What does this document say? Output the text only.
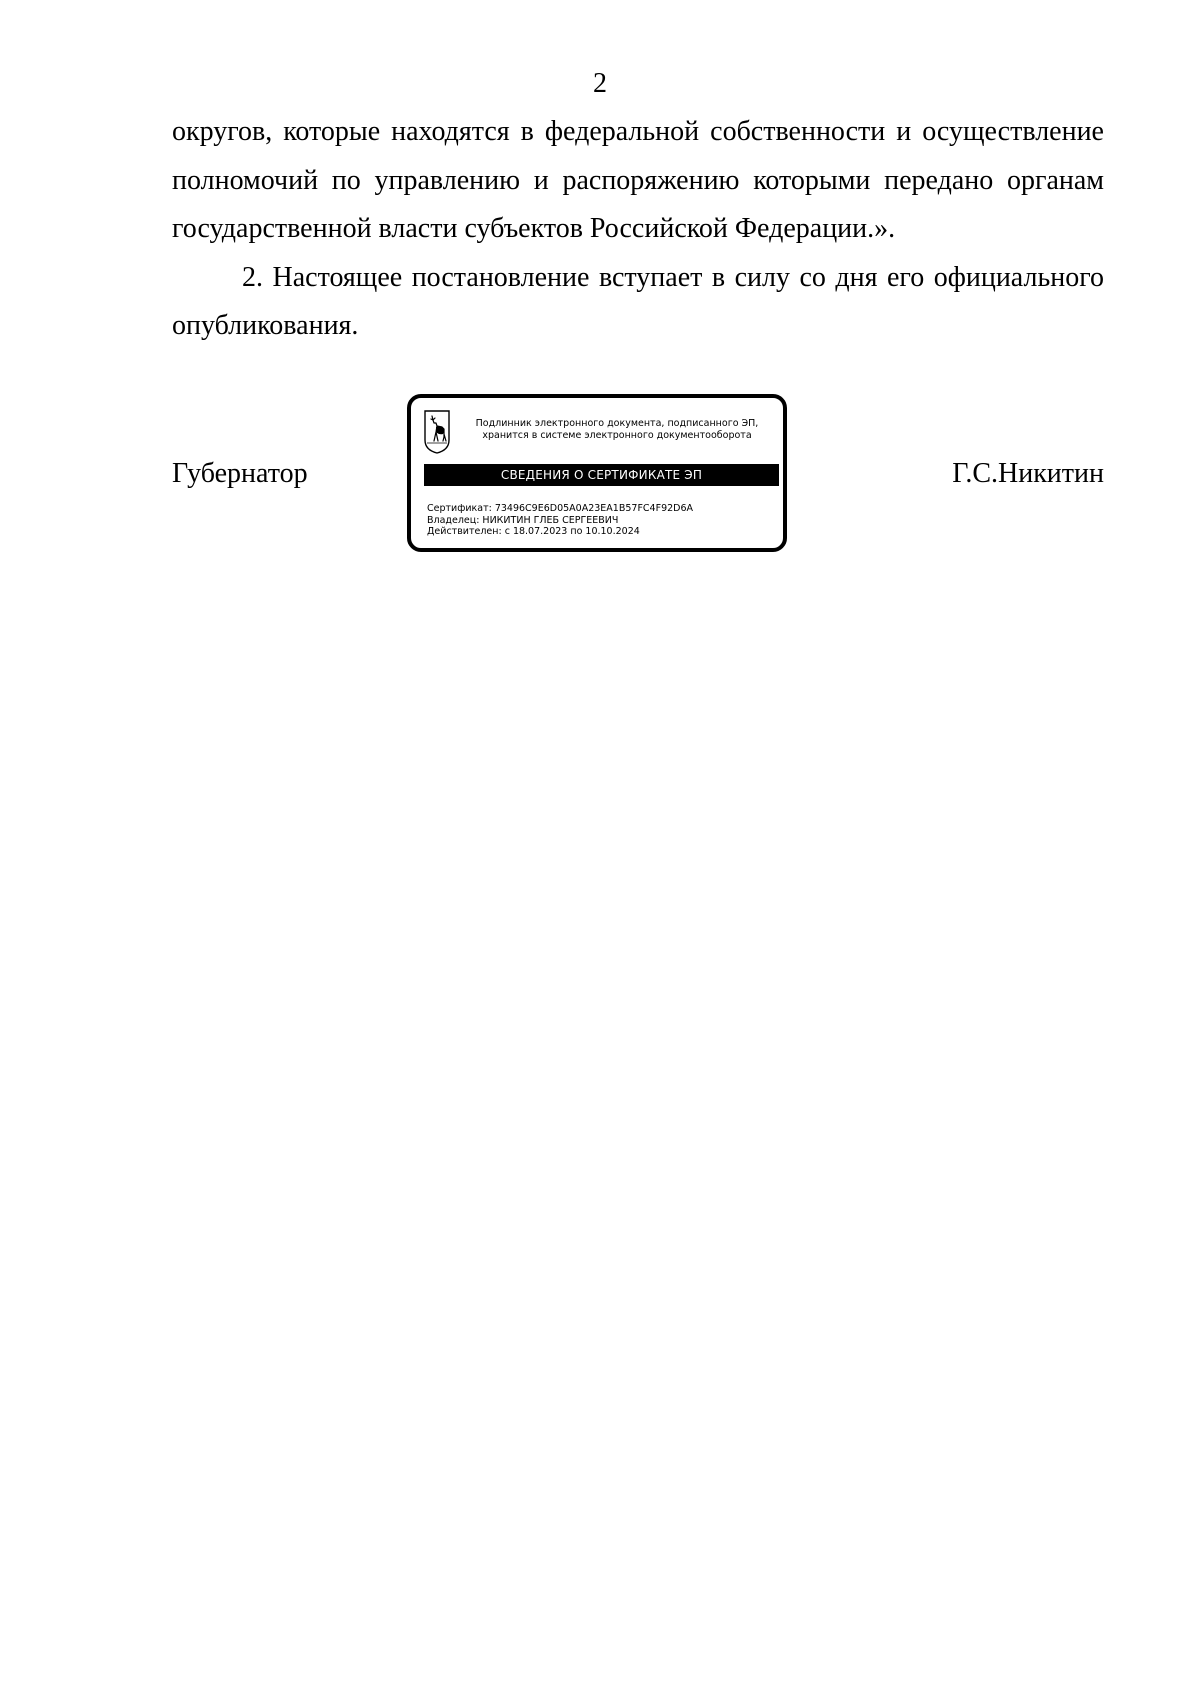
2

округов, которые находятся в федеральной собственности и осуществление
полномочий по управлению и распоряжению которыми передано органам
государственной власти субъектов Российской Федерации.».

2. Настоящее постановление вступает в силу со дня его официального
опубликования.

Губернатор
Подлинник электронного документа, подписанного ЭП,
хранится в системе электронного документооборота
СВЕДЕНИЯ О СЕРТИФИКАТЕ ЭП
Сертификат: 73496C9E6D05A0A23EA1B57FC4F92D6A
Владелец: НИКИТИН ГЛЕБ СЕРГЕЕВИЧ
Действителен: с 18.07.2023 по 10.10.2024
Г.С.Никитин
